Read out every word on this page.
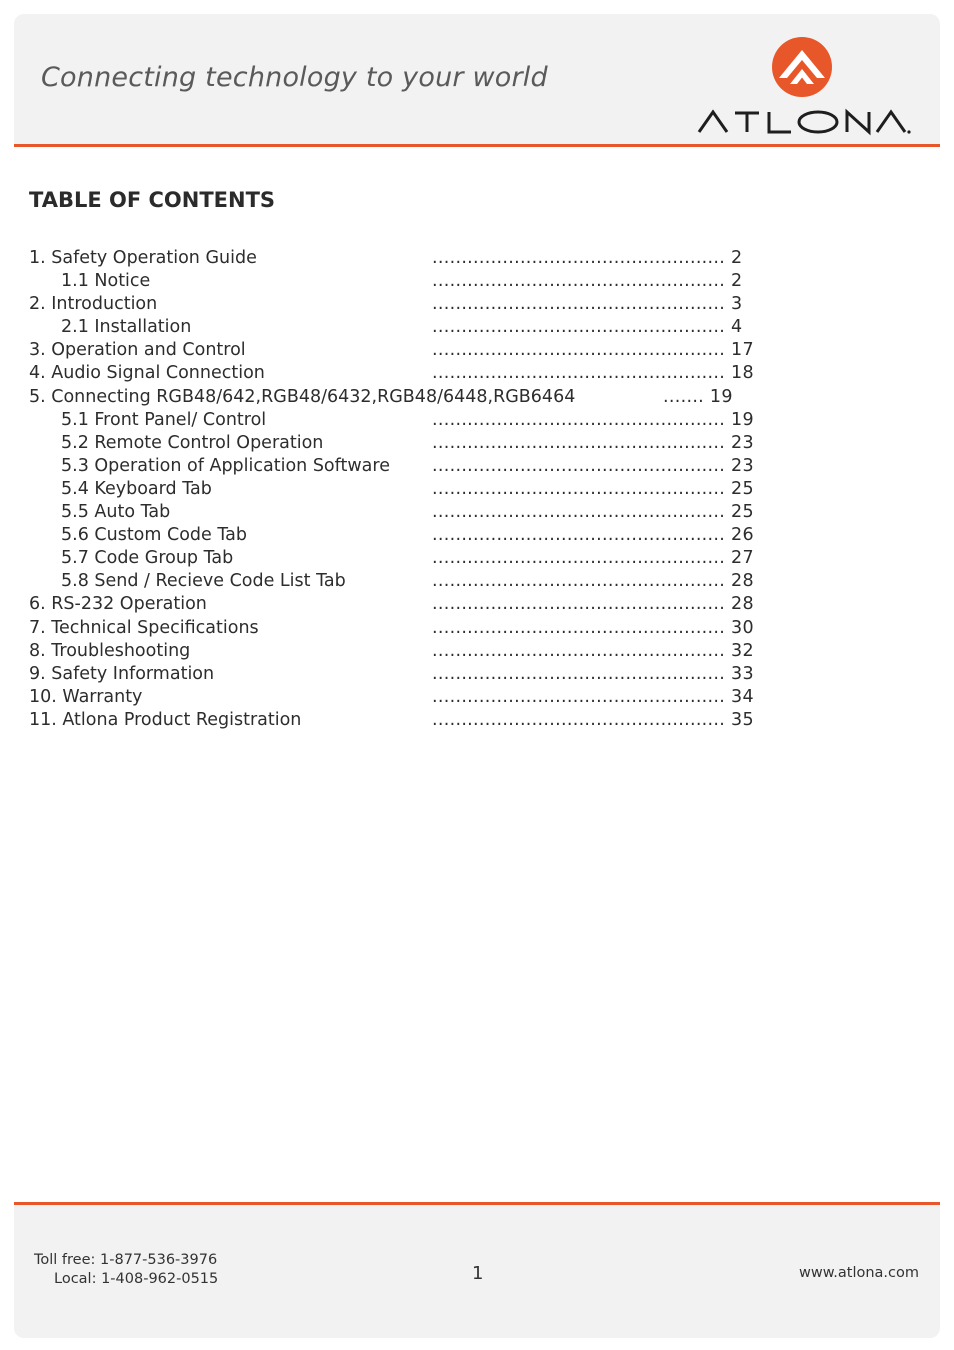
Connecting technology to your world
TABLE OF CONTENTS
1. Safety Operation Guide	.................................................. 2
1.1 Notice	.................................................. 2
2. Introduction	.................................................. 3
2.1 Installation	.................................................. 4
3. Operation and Control	.................................................. 17
4. Audio Signal Connection	.................................................. 18
5. Connecting RGB48/642,RGB48/6432,RGB48/6448,RGB6464	....... 19
5.1 Front Panel/ Control	.................................................. 19
5.2 Remote Control Operation	.................................................. 23
5.3 Operation of Application Software .................................................. 23
5.4 Keyboard Tab	.................................................. 25
5.5 Auto Tab	.................................................. 25
5.6 Custom Code Tab	.................................................. 26
5.7 Code Group Tab	.................................................. 27
5.8 Send / Recieve Code List Tab	.................................................. 28
6. RS-232 Operation	.................................................. 28
7. Technical Specifications	.................................................. 30
8. Troubleshooting	.................................................. 32
9. Safety Information	.................................................. 33
10. Warranty	.................................................. 34
11. Atlona Product Registration	.................................................. 35
Toll free: 1-877-536-3976
Local: 1-408-962-0515	1	www.atlona.com
